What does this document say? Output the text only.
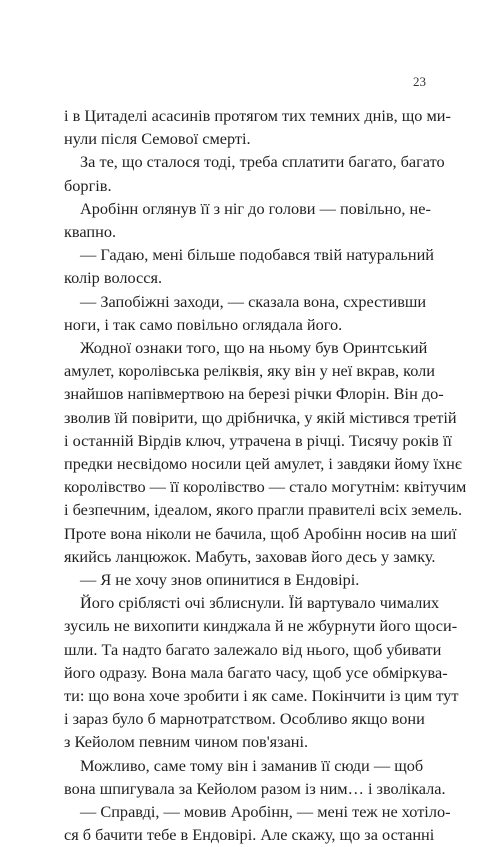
23
і в Цитаделі асасинів протягом тих темних днів, що ми-
нули після Семової смерті.
За те, що сталося тоді, треба сплатити багато, багато
боргів.
Аробінн оглянув її з ніг до голови — повільно, не-
квапно.
— Гадаю, мені більше подобався твій натуральний
колір волосся.
— Запобіжні заходи, — сказала вона, схрестивши
ноги, і так само повільно оглядала його.
Жодної ознаки того, що на ньому був Оринтський
амулет, королівська реліквія, яку він у неї вкрав, коли
знайшов напівмертвою на березі річки Флорін. Він до-
зволив їй повірити, що дрібничка, у якій містився третій
і останній Вірдів ключ, утрачена в річці. Тисячу років її
предки несвідомо носили цей амулет, і завдяки йому їхнє
королівство — її королівство — стало могутнім: квітучим
і безпечним, ідеалом, якого прагли правителі всіх земель.
Проте вона ніколи не бачила, щоб Аробінн носив на шиї
якийсь ланцюжок. Мабуть, заховав його десь у замку.
— Я не хочу знов опинитися в Ендовірі.
Його сріблясті очі зблиснули. Їй вартувало чималих
зусиль не вихопити кинджала й не жбурнути його щоси-
шли. Та надто багато залежало від нього, щоб убивати
його одразу. Вона мала багато часу, щоб усе обміркува-
ти: що вона хоче зробити і як саме. Покінчити із цим тут
і зараз було б марнотратством. Особливо якщо вони
з Кейолом певним чином пов'язані.
Можливо, саме тому він і заманив її сюди — щоб
вона шпигувала за Кейолом разом із ним… і зволікала.
— Справді, — мовив Аробінн, — мені теж не хотіло-
ся б бачити тебе в Ендовірі. Але скажу, що за останні
